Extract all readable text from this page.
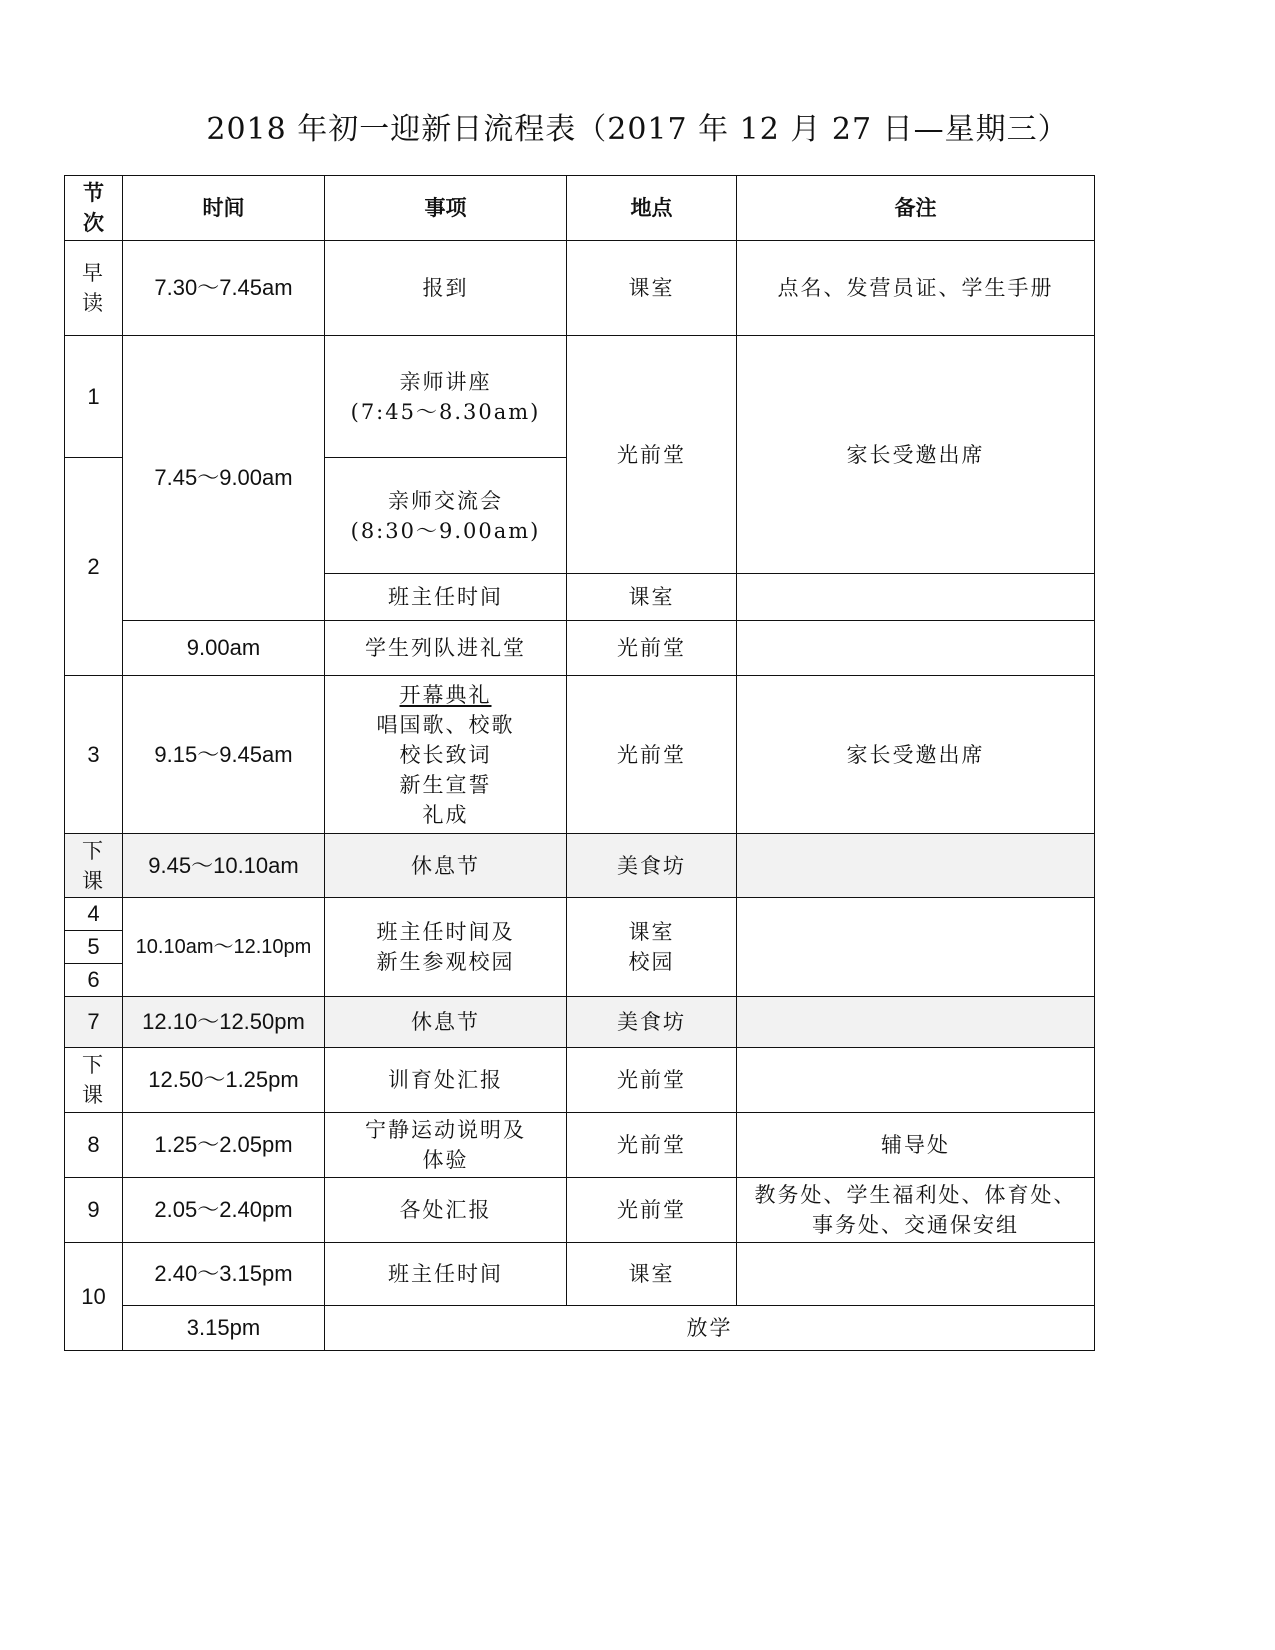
2018 年初一迎新日流程表（2017 年 12 月 27 日—星期三）
节
次	时间	事项	地点	备注

早
读	7.30～7.45am	报到	课室	点名、发营员证、学生手册
1	7.45～9.00am	亲师讲座
(7:45～8.30am)	光前堂	家长受邀出席
2		亲师交流会
(8:30～9.00am)		

		班主任时间	课室	
	9.00am	学生列队进礼堂	光前堂	
3	9.15～9.45am	开幕典礼
唱国歌、校歌
校长致词
新生宣誓
礼成	光前堂	家长受邀出席

下
课	9.45～10.10am	休息节	美食坊	
4	10.10am～12.10pm	班主任时间及
新生参观校园	课室
校园	

5				
6				
7	12.10～12.50pm	休息节	美食坊	

下
课	12.50～1.25pm	训育处汇报	光前堂	
8	1.25～2.05pm	宁静运动说明及
体验	光前堂	辅导处
9	2.05～2.40pm	各处汇报	光前堂	教务处、学生福利处、体育处、
事务处、交通保安组

10	2.40～3.15pm	班主任时间	课室	
	3.15pm	放学		
